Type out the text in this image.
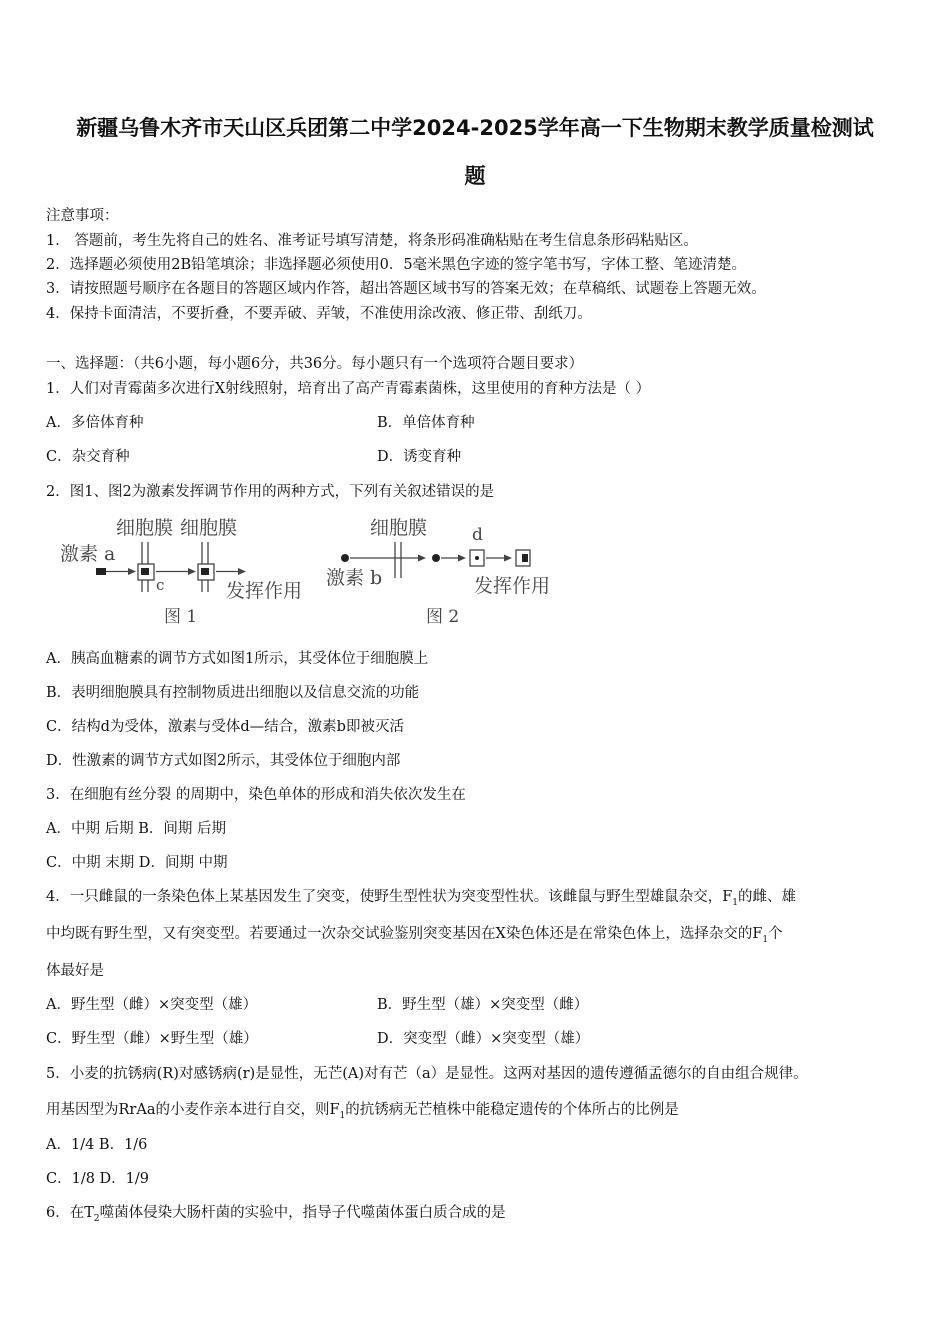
新疆乌鲁木齐市天山区兵团第二中学2024-2025学年高一下生物期末教学质量检测试
题
注意事项：
1． 答题前，考生先将自己的姓名、准考证号填写清楚，将条形码准确粘贴在考生信息条形码粘贴区。
2．选择题必须使用2B铅笔填涂；非选择题必须使用0．5毫米黑色字迹的签字笔书写，字体工整、笔迹清楚。
3．请按照题号顺序在各题目的答题区域内作答，超出答题区域书写的答案无效；在草稿纸、试题卷上答题无效。
4．保持卡面清洁，不要折叠，不要弄破、弄皱，不准使用涂改液、修正带、刮纸刀。
一、选择题：（共6小题，每小题6分，共36分。每小题只有一个选项符合题目要求）
1．人们对青霉菌多次进行X射线照射，培育出了高产青霉素菌株，这里使用的育种方法是（ ）
A．多倍体育种	B．单倍体育种
C．杂交育种	D．诱变育种
2．图1、图2为激素发挥调节作用的两种方式，下列有关叙述错误的是
细胞膜 细胞膜
激素 a
c	发挥作用
图 1
细胞膜	d
激素 b	发挥作用
图 2
A．胰高血糖素的调节方式如图1所示，其受体位于细胞膜上
B．表明细胞膜具有控制物质进出细胞以及信息交流的功能
C．结构d为受体，激素与受体d—结合，激素b即被灭活
D．性激素的调节方式如图2所示，其受体位于细胞内部
3．在细胞有丝分裂 的周期中，染色单体的形成和消失依次发生在
A．中期 后期 B．间期 后期
C．中期 末期 D．间期 中期
4．一只雌鼠的一条染色体上某基因发生了突变，使野生型性状为突变型性状。该雌鼠与野生型雄鼠杂交，$F_1$的雌、雄
中均既有野生型，又有突变型。若要通过一次杂交试验鉴别突变基因在X染色体还是在常染色体上，选择杂交的$F_1$个
体最好是
A．野生型（雌）×突变型（雄）	B．野生型（雄）×突变型（雌）
C．野生型（雌）×野生型（雄）	D．突变型（雌）×突变型（雄）
5．小麦的抗锈病(R)对感锈病(r)是显性，无芒(A)对有芒（a）是显性。这两对基因的遗传遵循孟德尔的自由组合规律。
用基因型为RrAa的小麦作亲本进行自交，则$F_1$的抗锈病无芒植株中能稳定遗传的个体所占的比例是
A．1/4 B．1/6
C．1/8 D．1/9
6．在$T_2$噬菌体侵染大肠杆菌的实验中，指导子代噬菌体蛋白质合成的是
